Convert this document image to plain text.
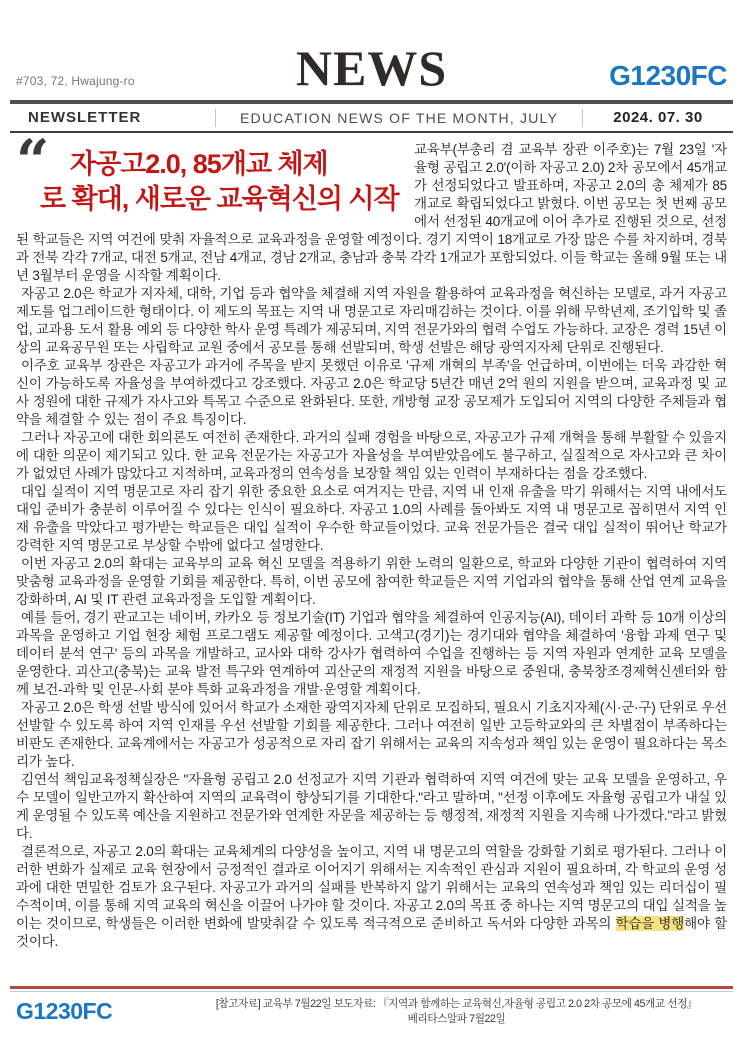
#703, 72, Hwajung-ro	NEWS	G1230FC
NEWSLETTER	EDUCATION NEWS OF THE MONTH, JULY	2024. 07. 30
“ 자공고2.0, 85개교 체제
로 확대, 새로운 교육혁신의 시작

교육부(부총리 겸 교육부 장관 이주호)는 7월 23일 '자율형 공립고 2.0'(이하 자공고 2.0) 2차 공모에서 45개교가 선정되었다고 발표하며, 자공고 2.0의 총 체제가 85개교로 확립되었다고 밝혔다. 이번 공모는 첫 번째 공모에서 선정된 40개교에 이어 추가로 진행된 것으로, 선정 된 학교들은 지역 여건에 맞춰 자율적으로 교육과정을 운영할 예정이다. 경기 지역이 18개교로 가장 많은 수를 차지하며, 경북과 전북 각각 7개교, 대전 5개교, 전남 4개교, 경남 2개교, 충남과 충북 각각 1개교가 포함되었다. 이들 학교는 올해 9월 또는 내년 3월부터 운영을 시작할 계획이다.

자공고 2.0은 학교가 지자체, 대학, 기업 등과 협약을 체결해 지역 자원을 활용하여 교육과정을 혁신하는 모델로, 과거 자공고 제도를 업그레이드한 형태이다. 이 제도의 목표는 지역 내 명문고로 자리매김하는 것이다. 이를 위해 무학년제, 조기입학 및 졸업, 교과용 도서 활용 예외 등 다양한 학사 운영 특례가 제공되며, 지역 전문가와의 협력 수업도 가능하다. 교장은 경력 15년 이상의 교육공무원 또는 사립학교 교원 중에서 공모를 통해 선발되며, 학생 선발은 해당 광역지자체 단위로 진행된다.

이주호 교육부 장관은 자공고가 과거에 주목을 받지 못했던 이유로 '규제 개혁의 부족'을 언급하며, 이번에는 더욱 과감한 혁신이 가능하도록 자율성을 부여하겠다고 강조했다. 자공고 2.0은 학교당 5년간 매년 2억 원의 지원을 받으며, 교육과정 및 교사 정원에 대한 규제가 자사고와 특목고 수준으로 완화된다. 또한, 개방형 교장 공모제가 도입되어 지역의 다양한 주체들과 협약을 체결할 수 있는 점이 주요 특징이다.

그러나 자공고에 대한 회의론도 여전히 존재한다. 과거의 실패 경험을 바탕으로, 자공고가 규제 개혁을 통해 부활할 수 있을지에 대한 의문이 제기되고 있다. 한 교육 전문가는 자공고가 자율성을 부여받았음에도 불구하고, 실질적으로 자사고와 큰 차이가 없었던 사례가 많았다고 지적하며, 교육과정의 연속성을 보장할 책임 있는 인력이 부재하다는 점을 강조했다.

대입 실적이 지역 명문고로 자리 잡기 위한 중요한 요소로 여겨지는 만큼, 지역 내 인재 유출을 막기 위해서는 지역 내에서도 대입 준비가 충분히 이루어질 수 있다는 인식이 필요하다. 자공고 1.0의 사례를 돌아봐도 지역 내 명문고로 꼽히면서 지역 인재 유출을 막았다고 평가받는 학교들은 대입 실적이 우수한 학교들이었다. 교육 전문가들은 결국 대입 실적이 뛰어난 학교가 강력한 지역 명문고로 부상할 수밖에 없다고 설명한다.

이번 자공고 2.0의 확대는 교육부의 교육 혁신 모델을 적용하기 위한 노력의 일환으로, 학교와 다양한 기관이 협력하여 지역 맞춤형 교육과정을 운영할 기회를 제공한다. 특히, 이번 공모에 참여한 학교들은 지역 기업과의 협약을 통해 산업 연계 교육을 강화하며, AI 및 IT 관련 교육과정을 도입할 계획이다.

예를 들어, 경기 판교고는 네이버, 카카오 등 정보기술(IT) 기업과 협약을 체결하여 인공지능(AI), 데이터 과학 등 10개 이상의 과목을 운영하고 기업 현장 체험 프로그램도 제공할 예정이다. 고색고(경기)는 경기대와 협약을 체결하여 '융합 과제 연구 및 데이터 분석 연구' 등의 과목을 개발하고, 교사와 대학 강사가 협력하여 수업을 진행하는 등 지역 자원과 연계한 교육 모델을 운영한다. 괴산고(충북)는 교육 발전 특구와 연계하여 괴산군의 재정적 지원을 바탕으로 중원대, 충북창조경제혁신센터와 함께 보건-과학 및 인문-사회 분야 특화 교육과정을 개발·운영할 계획이다.

자공고 2.0은 학생 선발 방식에 있어서 학교가 소재한 광역지자체 단위로 모집하되, 필요시 기초지자체(시·군·구) 단위로 우선 선발할 수 있도록 하여 지역 인재를 우선 선발할 기회를 제공한다. 그러나 여전히 일반 고등학교와의 큰 차별점이 부족하다는 비판도 존재한다. 교육계에서는 자공고가 성공적으로 자리 잡기 위해서는 교육의 지속성과 책임 있는 운영이 필요하다는 목소리가 높다.

김연석 책임교육정책실장은 "자율형 공립고 2.0 선정교가 지역 기관과 협력하여 지역 여건에 맞는 교육 모델을 운영하고, 우수 모델이 일반고까지 확산하여 지역의 교육력이 향상되기를 기대한다."라고 말하며, "선정 이후에도 자율형 공립고가 내실 있게 운영될 수 있도록 예산을 지원하고 전문가와 연계한 자문을 제공하는 등 행정적, 재정적 지원을 지속해 나가겠다."라고 밝혔다.

결론적으로, 자공고 2.0의 확대는 교육체계의 다양성을 높이고, 지역 내 명문고의 역할을 강화할 기회로 평가된다. 그러나 이러한 변화가 실제로 교육 현장에서 긍정적인 결과로 이어지기 위해서는 지속적인 관심과 지원이 필요하며, 각 학교의 운영 성과에 대한 면밀한 검토가 요구된다. 자공고가 과거의 실패를 반복하지 않기 위해서는 교육의 연속성과 책임 있는 리더십이 필수적이며, 이를 통해 지역 교육의 혁신을 이끌어 나가야 할 것이다. 자공고 2.0의 목표 중 하나는 지역 명문고의 대입 실적을 높이는 것이므로, 학생들은 이러한 변화에 발맞춰갈 수 있도록 적극적으로 준비하고 독서와 다양한 과목의 학습을 병행해야 할 것이다.

G1230FC	[참고자료] 교육부 7월22일 보도자료: 『지역과 함께하는 교육혁신,자율형 공립고 2.0 2차 공모에 45개교 선정』 베리타스알파 7월22일
